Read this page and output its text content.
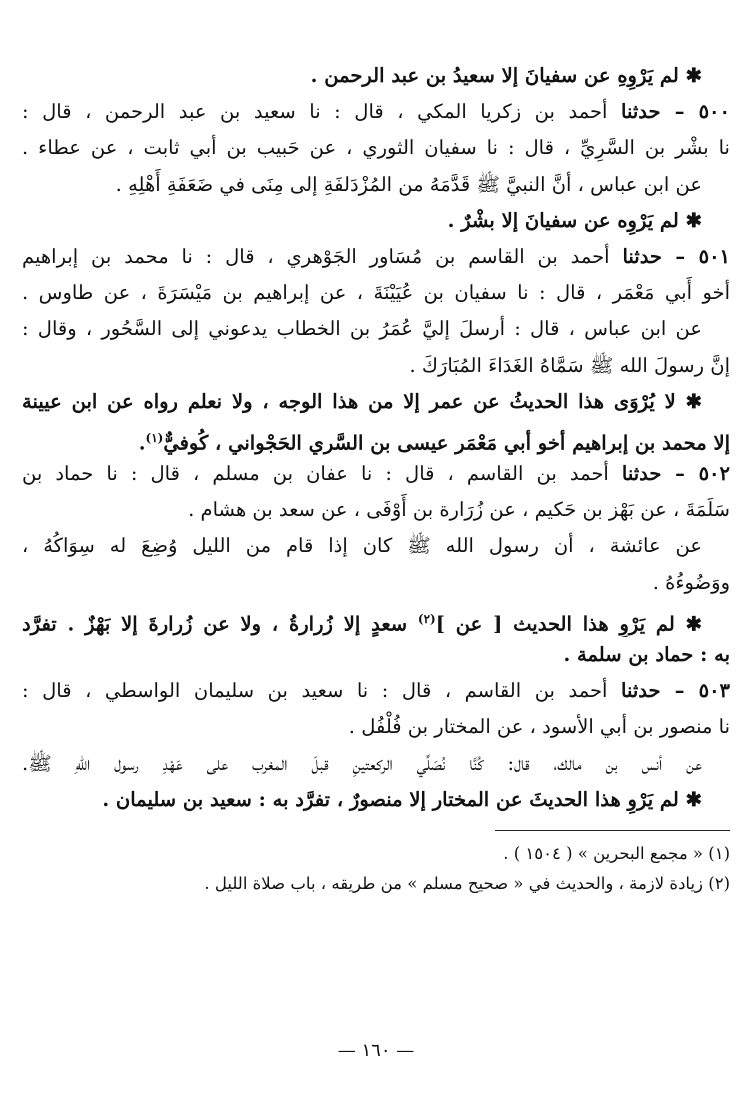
✱ لم يَرْوِهِ عن سفيانَ إلا سعيدُ بن عبد الرحمن .
٥٠٠ – حدثنا أحمد بن زكريا المكي ، قال : نا سعيد بن عبد الرحمن ، قال :
نا بشْر بن السَّرِيِّ ، قال : نا سفيان الثوري ، عن حَبيب بن أبي ثابت ، عن عطاء .
عن ابن عباس ، أنَّ النبيَّ ﷺ قَدَّمَهُ من المُزْدَلفَةِ إلى مِنَى في ضَعَفَةِ أَهْلِهِ .
✱ لم يَرْوِه عن سفيانَ إلا بشْرٌ .
٥٠١ – حدثنا أحمد بن القاسم بن مُسَاور الجَوْهري ، قال : نا محمد بن إبراهيم
أخو أَبي مَعْمَر ، قال : نا سفيان بن عُيَيْنَةَ ، عن إبراهيم بن مَيْسَرَةَ ، عن طاوس .
عن ابن عباس ، قال : أرسلَ إليَّ عُمَرُ بن الخطاب يدعوني إلى السَّحُور ، وقال :
إنَّ رسولَ الله ﷺ سَمَّاهُ الغَدَاءَ المُبَارَكَ .
✱ لا يُرْوَى هذا الحديثُ عن عمر إلا من هذا الوجه ، ولا نعلم رواه عن ابن عيينة
إلا محمد بن إبراهيم أخو أبي مَعْمَر عيسى بن السَّري الحَجْواني ، كُوفيٌّ$^{(١)}$.
٥٠٢ – حدثنا أحمد بن القاسم ، قال : نا عفان بن مسلم ، قال : نا حماد بن
سَلَمَةَ ، عن بَهْز بن حَكيم ، عن زُرَارة بن أَوْفَى ، عن سعد بن هشام .
عن عائشة ، أن رسول الله ﷺ كان إذا قام من الليل وُضِعَ له سِوَاكُهُ ،
ووَضُوءُهُ .
✱ لم يَرْوِ هذا الحديث [ عن ]$^{(٢)}$ سعدٍ إلا زُرارةُ ، ولا عن زُرارةَ إلا بَهْزٌ . تفرَّد
به : حماد بن سلمة .
٥٠٣ – حدثنا أحمد بن القاسم ، قال : نا سعيد بن سليمان الواسطي ، قال :
نا منصور بن أبي الأسود ، عن المختار بن فُلْفُل .
عن أنس بن مالك، قال: كُنَّا نُصَلِّي الركعتينِ قبلَ المغرب على عَهْدِ رسول اللهِ ﷺ.
✱ لم يَرْوِ هذا الحديثَ عن المختار إلا منصورٌ ، تفرَّد به : سعيد بن سليمان .
(١) « مجمع البحرين » ( ١٥٠٤ ) .
(٢) زيادة لازمة ، والحديث في « صحيح مسلم » من طريقه ، باب صلاة الليل .
— ١٦٠ —
